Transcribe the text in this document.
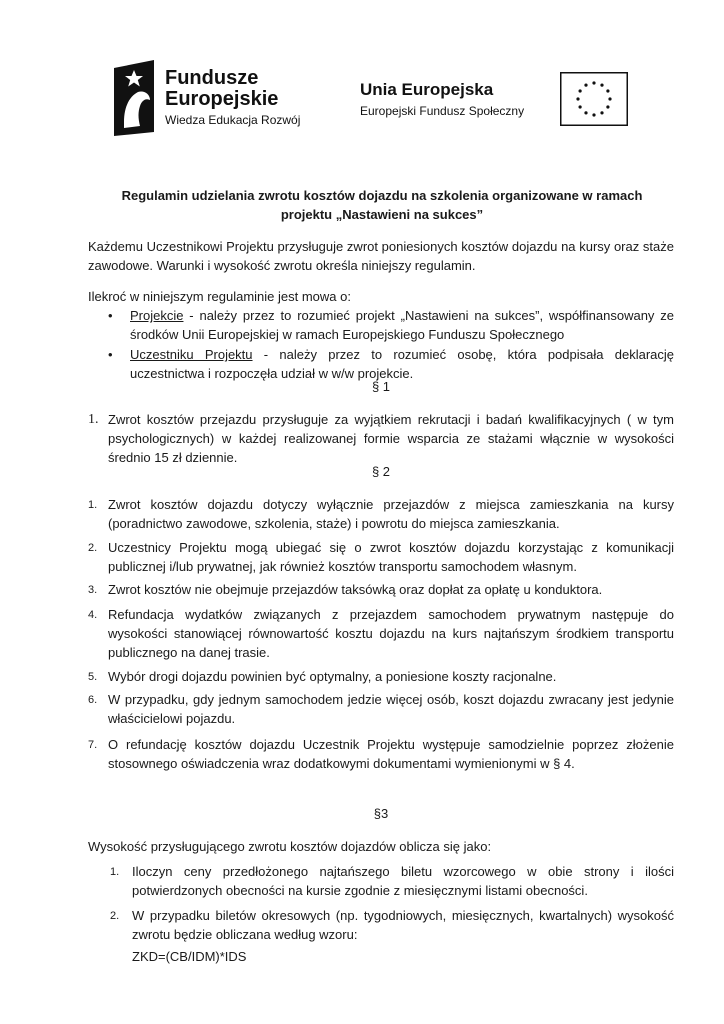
Fundusze
Europejskie
Wiedza Edukacja Rozwój
Unia Europejska
Europejski Fundusz Społeczny
Regulamin udzielania zwrotu kosztów dojazdu na szkolenia organizowane w ramach
projektu „Nastawieni na sukces”
Każdemu Uczestnikowi Projektu przysługuje zwrot poniesionych kosztów dojazdu na kursy oraz staże zawodowe. Warunki i wysokość zwrotu określa niniejszy regulamin.
Ilekroć w niniejszym regulaminie jest mowa o:
• Projekcie - należy przez to rozumieć projekt „Nastawieni na sukces”, współfinansowany ze środków Unii Europejskiej w ramach Europejskiego Funduszu Społecznego
• Uczestniku Projektu - należy przez to rozumieć osobę, która podpisała deklarację uczestnictwa i rozpoczęła udział w w/w projekcie.
§ 1
1. Zwrot kosztów przejazdu przysługuje za wyjątkiem rekrutacji i badań kwalifikacyjnych ( w tym psychologicznych) w każdej realizowanej formie wsparcia ze stażami włącznie w wysokości średnio 15 zł dziennie.
§ 2
1. Zwrot kosztów dojazdu dotyczy wyłącznie przejazdów z miejsca zamieszkania na kursy (poradnictwo zawodowe, szkolenia, staże) i powrotu do miejsca zamieszkania.
2. Uczestnicy Projektu mogą ubiegać się o zwrot kosztów dojazdu korzystając z komunikacji publicznej i/lub prywatnej, jak również kosztów transportu samochodem własnym.
3. Zwrot kosztów nie obejmuje przejazdów taksówką oraz dopłat za opłatę u konduktora.
4. Refundacja wydatków związanych z przejazdem samochodem prywatnym następuje do wysokości stanowiącej równowartość kosztu dojazdu na kurs najtańszym środkiem transportu publicznego na danej trasie.
5. Wybór drogi dojazdu powinien być optymalny, a poniesione koszty racjonalne.
6. W przypadku, gdy jednym samochodem jedzie więcej osób, koszt dojazdu zwracany jest jedynie właścicielowi pojazdu.
7. O refundację kosztów dojazdu Uczestnik Projektu występuje samodzielnie poprzez złożenie stosownego oświadczenia wraz dodatkowymi dokumentami wymienionymi w § 4.
§3
Wysokość przysługującego zwrotu kosztów dojazdów oblicza się jako:
1. Iloczyn ceny przedłożonego najtańszego biletu wzorcowego w obie strony i ilości potwierdzonych obecności na kursie zgodnie z miesięcznymi listami obecności.
2. W przypadku biletów okresowych (np. tygodniowych, miesięcznych, kwartalnych) wysokość zwrotu będzie obliczana według wzoru:
ZKD=(CB/IDM)*IDS
